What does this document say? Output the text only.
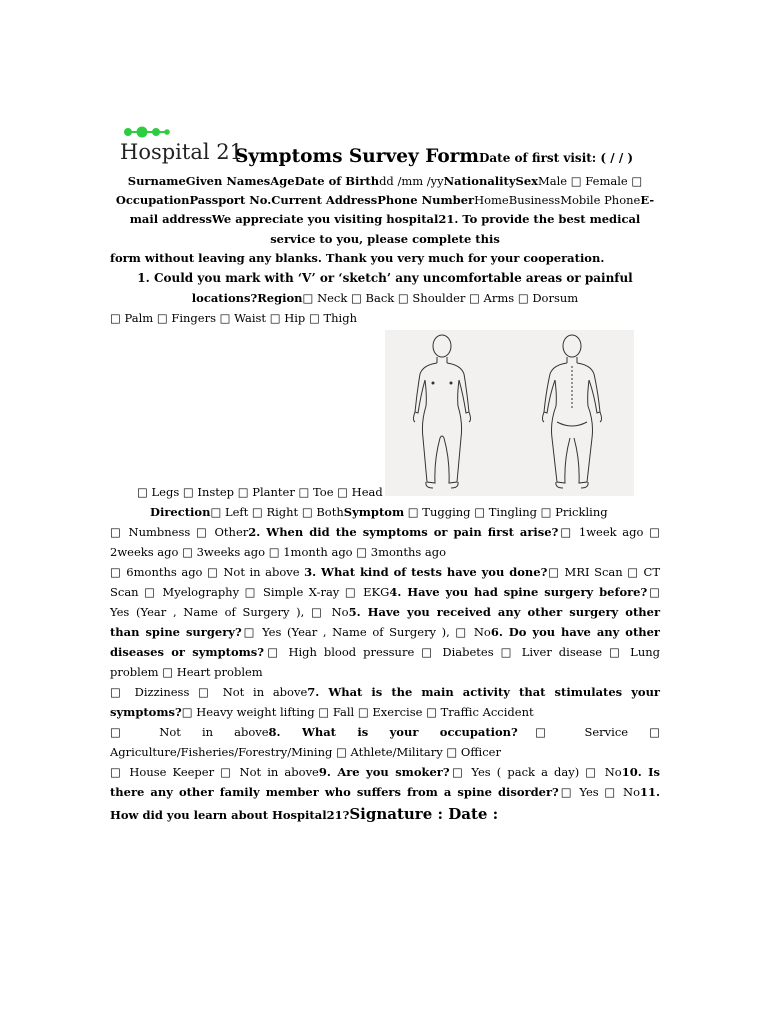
Hospital 21
Symptoms Survey FormDate of first visit: ( / / )
SurnameGiven NamesAgeDate of Birthdd /mm /yyNationalitySexMale □ Female □
OccupationPassport No.Current AddressPhone NumberHomeBusinessMobile PhoneE-
mail addressWe appreciate you visiting hospital21. To provide the best medical
service to you, please complete this
form without leaving any blanks. Thank you very much for your cooperation.
1. Could you mark with ‘V’ or ‘sketch’ any uncomfortable areas or painful
locations?Region□ Neck □ Back □ Shoulder □ Arms □ Dorsum
□ Palm □ Fingers □ Waist □ Hip □ Thigh
□ Legs □ Instep □ Planter □ Toe □ Head
Direction□ Left □ Right □ BothSymptom □ Tugging □ Tingling □ Prickling
□ Numbness □ Other2. When did the symptoms or pain first arise?□ 1week ago □
2weeks ago □ 3weeks ago □ 1month ago □ 3months ago
□ 6months ago □ Not in above 3. What kind of tests have you done?□ MRI Scan □ CT
Scan □ Myelography □ Simple X-ray □ EKG4. Have you had spine surgery before?□
Yes (Year , Name of Surgery ), □ No5. Have you received any other surgery other
than spine surgery?□ Yes (Year , Name of Surgery ), □ No6. Do you have any other
diseases or symptoms?□ High blood pressure □ Diabetes □ Liver disease □ Lung
problem □ Heart problem
□ Dizziness □ Not in above7. What is the main activity that stimulates your
symptoms?□ Heavy weight lifting □ Fall □ Exercise □ Traffic Accident
□ Not in above8. What is your occupation?□ Service □
Agriculture/Fisheries/Forestry/Mining □ Athlete/Military □ Officer
□ House Keeper □ Not in above9. Are you smoker?□ Yes ( pack a day) □ No10. Is
there any other family member who suffers from a spine disorder?□ Yes □ No11.
How did you learn about Hospital21?Signature : Date :
